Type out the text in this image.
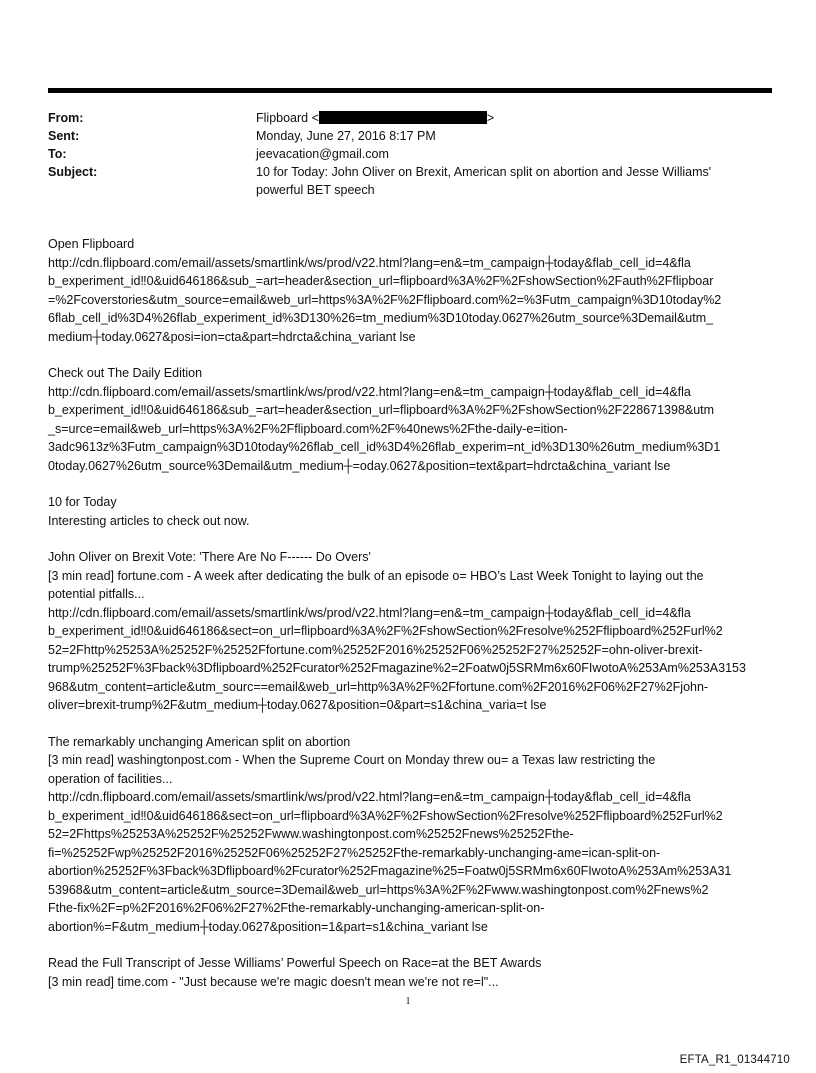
From:	Flipboard <	>
Sent:	Monday, June 27, 2016 8:17 PM
To:	jeevacation@gmail.com
Subject:	10 for Today: John Oliver on Brexit, American split on abortion and Jesse Williams'
powerful BET speech

Open Flipboard
http://cdn.flipboard.com/email/assets/smartlink/ws/prod/v22.html?lang=en&=tm_campaign┼today&flab_cell_id=4&fla
b_experiment_id‼0&uid646186&sub_=art=header&section_url=flipboard%3A%2F%2FshowSection%2Fauth%2Fflipboar
=%2Fcoverstories&utm_source=email&web_url=https%3A%2F%2Fflipboard.com%2=%3Futm_campaign%3D10today%2
6flab_cell_id%3D4%26flab_experiment_id%3D130%26=tm_medium%3D10today.0627%26utm_source%3Demail&utm_
medium┼today.0627&posi=ion=cta&part=hdrcta&china_variant lse

Check out The Daily Edition
http://cdn.flipboard.com/email/assets/smartlink/ws/prod/v22.html?lang=en&=tm_campaign┼today&flab_cell_id=4&fla
b_experiment_id‼0&uid646186&sub_=art=header&section_url=flipboard%3A%2F%2FshowSection%2F228671398&utm
_s=urce=email&web_url=https%3A%2F%2Fflipboard.com%2F%40news%2Fthe-daily-e=ition-
3adc9613z%3Futm_campaign%3D10today%26flab_cell_id%3D4%26flab_experim=nt_id%3D130%26utm_medium%3D1
0today.0627%26utm_source%3Demail&utm_medium┼=oday.0627&position=text&part=hdrcta&china_variant lse

10 for Today
Interesting articles to check out now.

John Oliver on Brexit Vote: 'There Are No F------ Do Overs'
[3 min read] fortune.com - A week after dedicating the bulk of an episode o= HBO’s Last Week Tonight to laying out the
potential pitfalls...
http://cdn.flipboard.com/email/assets/smartlink/ws/prod/v22.html?lang=en&=tm_campaign┼today&flab_cell_id=4&fla
b_experiment_id‼0&uid646186&sect=on_url=flipboard%3A%2F%2FshowSection%2Fresolve%252Fflipboard%252Furl%2
52=2Fhttp%25253A%25252F%25252Ffortune.com%25252F2016%25252F06%25252F27%25252F=ohn-oliver-brexit-
trump%25252F%3Fback%3Dflipboard%252Fcurator%252Fmagazine%2=2Foatw0j5SRMm6x60FIwotoA%253Am%253A3153
968&utm_content=article&utm_sourc==email&web_url=http%3A%2F%2Ffortune.com%2F2016%2F06%2F27%2Fjohn-
oliver=brexit-trump%2F&utm_medium┼today.0627&position=0&part=s1&china_varia=t lse

The remarkably unchanging American split on abortion
[3 min read] washingtonpost.com - When the Supreme Court on Monday threw ou= a Texas law restricting the
operation of facilities...
http://cdn.flipboard.com/email/assets/smartlink/ws/prod/v22.html?lang=en&=tm_campaign┼today&flab_cell_id=4&fla
b_experiment_id‼0&uid646186&sect=on_url=flipboard%3A%2F%2FshowSection%2Fresolve%252Fflipboard%252Furl%2
52=2Fhttps%25253A%25252F%25252Fwww.washingtonpost.com%25252Fnews%25252Fthe-
fi=%25252Fwp%25252F2016%25252F06%25252F27%25252Fthe-remarkably-unchanging-ame=ican-split-on-
abortion%25252F%3Fback%3Dflipboard%2Fcurator%252Fmagazine%25=Foatw0j5SRMm6x60FIwotoA%253Am%253A31
53968&utm_content=article&utm_source=3Demail&web_url=https%3A%2F%2Fwww.washingtonpost.com%2Fnews%2
Fthe-fix%2F=p%2F2016%2F06%2F27%2Fthe-remarkably-unchanging-american-split-on-
abortion%=F&utm_medium┼today.0627&position=1&part=s1&china_variant lse

Read the Full Transcript of Jesse Williams’ Powerful Speech on Race=at the BET Awards
[3 min read] time.com - "Just because we're magic doesn't mean we're not re=l"...

1
EFTA_R1_01344710
